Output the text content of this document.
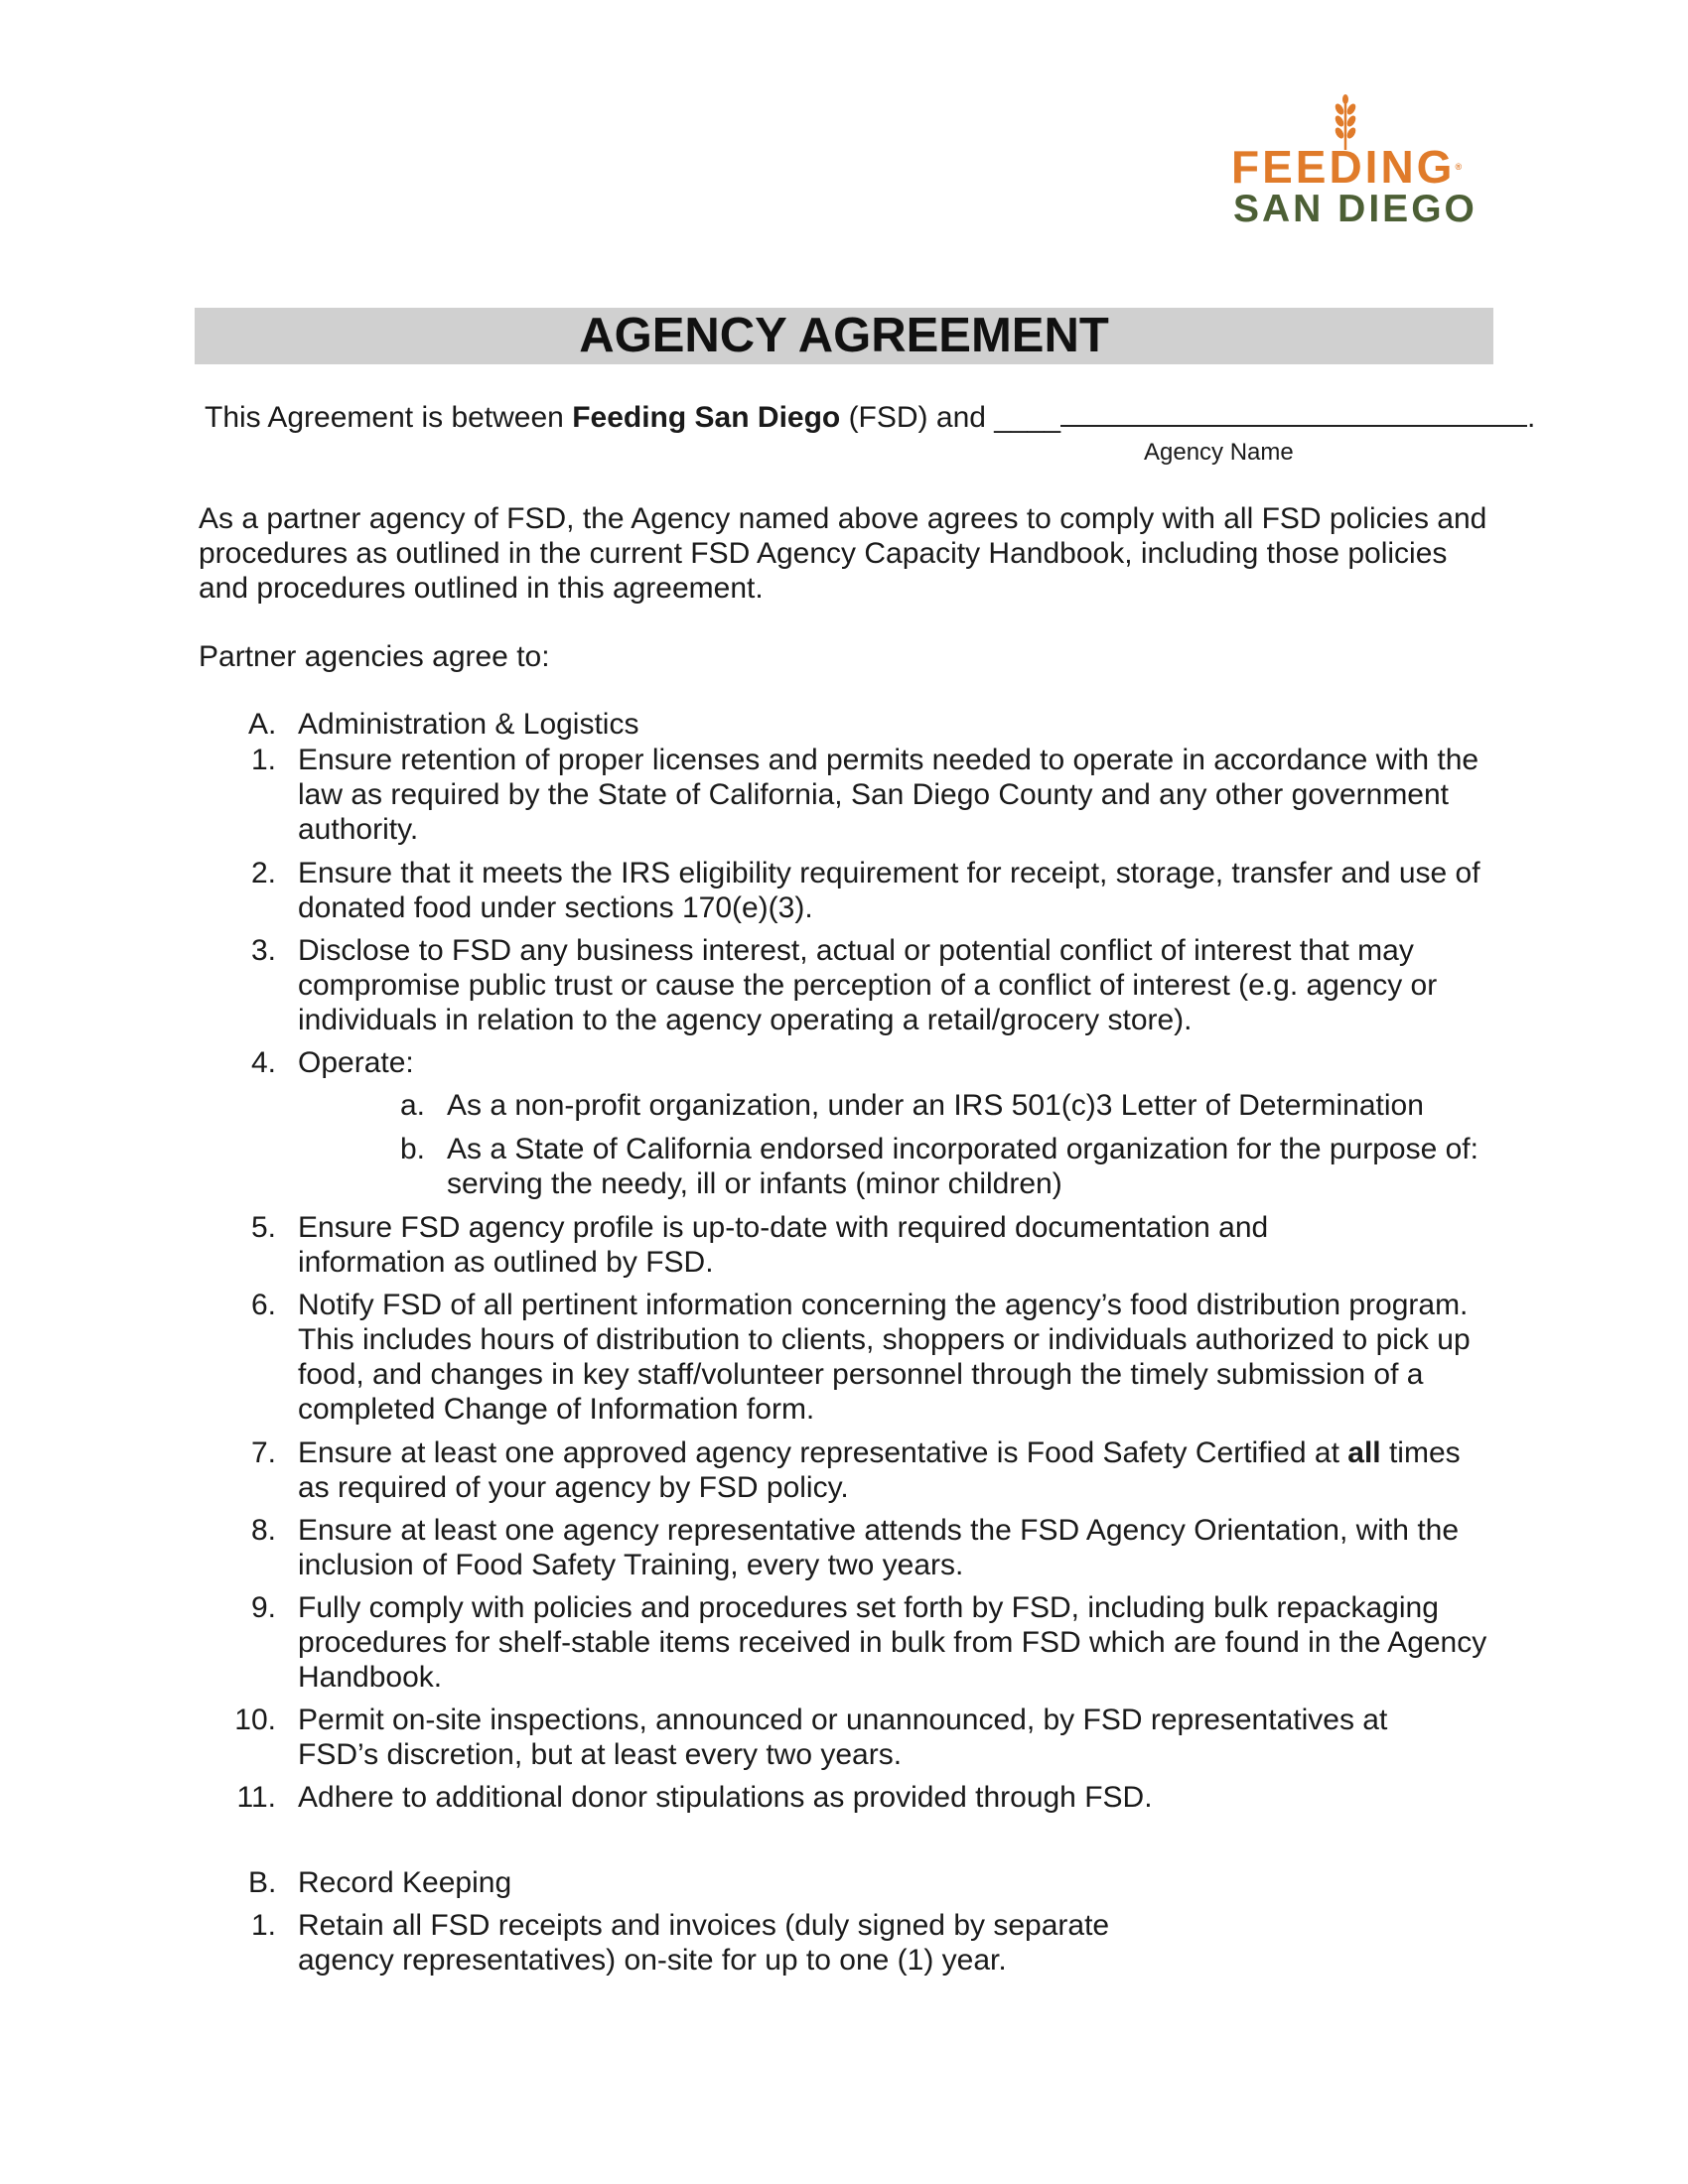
FEEDING®
SAN DIEGO
AGENCY AGREEMENT
This Agreement is between Feeding San Diego (FSD) and ____	.
Agency Name
As a partner agency of FSD, the Agency named above agrees to comply with all FSD policies and procedures as outlined in the current FSD Agency Capacity Handbook, including those policies and procedures outlined in this agreement.
Partner agencies agree to:
A. Administration & Logistics
1. Ensure retention of proper licenses and permits needed to operate in accordance with the law as required by the State of California, San Diego County and any other government authority.
2. Ensure that it meets the IRS eligibility requirement for receipt, storage, transfer and use of donated food under sections 170(e)(3).
3. Disclose to FSD any business interest, actual or potential conflict of interest that may compromise public trust or cause the perception of a conflict of interest (e.g. agency or individuals in relation to the agency operating a retail/grocery store).
4. Operate:
a. As a non-profit organization, under an IRS 501(c)3 Letter of Determination
b. As a State of California endorsed incorporated organization for the purpose of: serving the needy, ill or infants (minor children)
5. Ensure FSD agency profile is up-to-date with required documentation and information as outlined by FSD.
6. Notify FSD of all pertinent information concerning the agency’s food distribution program. This includes hours of distribution to clients, shoppers or individuals authorized to pick up food, and changes in key staff/volunteer personnel through the timely submission of a completed Change of Information form.
7. Ensure at least one approved agency representative is Food Safety Certified at all times as required of your agency by FSD policy.
8. Ensure at least one agency representative attends the FSD Agency Orientation, with the inclusion of Food Safety Training, every two years.
9. Fully comply with policies and procedures set forth by FSD, including bulk repackaging procedures for shelf-stable items received in bulk from FSD which are found in the Agency Handbook.
10. Permit on-site inspections, announced or unannounced, by FSD representatives at FSD’s discretion, but at least every two years.
11. Adhere to additional donor stipulations as provided through FSD.
B. Record Keeping
1. Retain all FSD receipts and invoices (duly signed by separate agency representatives) on-site for up to one (1) year.
